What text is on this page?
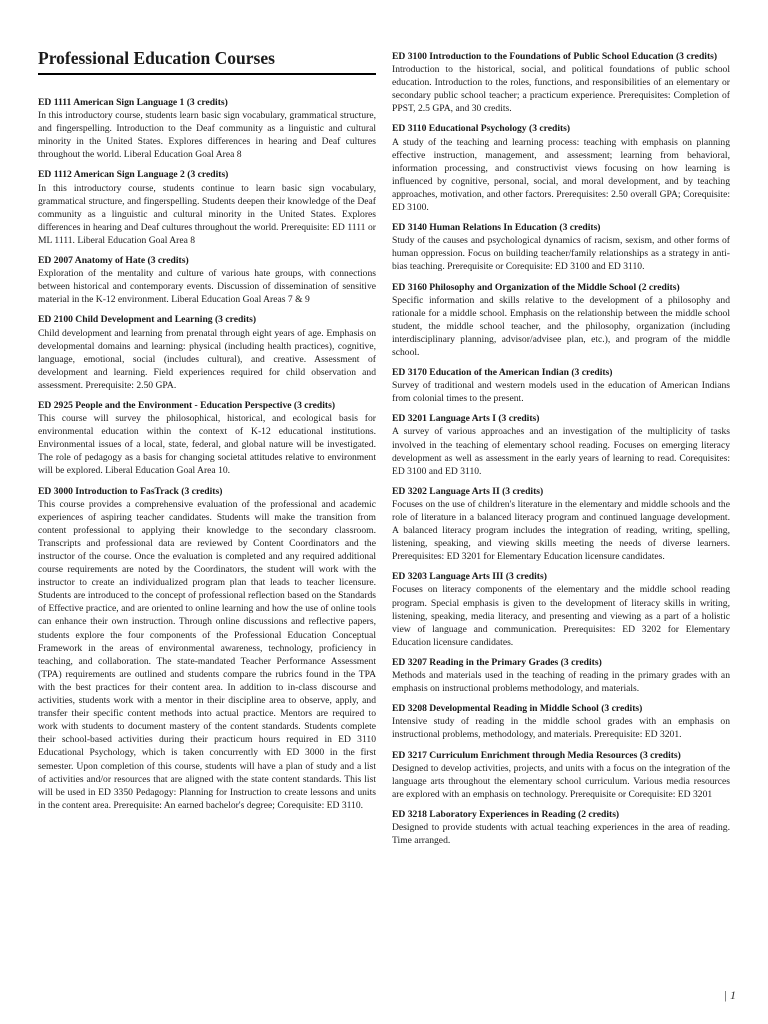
Professional Education Courses

ED 1111 American Sign Language 1 (3 credits)

In this introductory course, students learn basic sign vocabulary, grammatical structure, and fingerspelling. Introduction to the Deaf community as a linguistic and cultural minority in the United States. Explores differences in hearing and Deaf cultures throughout the world. Liberal Education Goal Area 8

ED 1112 American Sign Language 2 (3 credits)

In this introductory course, students continue to learn basic sign vocabulary, grammatical structure, and fingerspelling. Students deepen their knowledge of the Deaf community as a linguistic and cultural minority in the United States. Explores differences in hearing and Deaf cultures throughout the world. Prerequisite: ED 1111 or ML 1111. Liberal Education Goal Area 8

ED 2007 Anatomy of Hate (3 credits)

Exploration of the mentality and culture of various hate groups, with connections between historical and contemporary events. Discussion of dissemination of sensitive material in the K-12 environment. Liberal Education Goal Areas 7 & 9

ED 2100 Child Development and Learning (3 credits)

Child development and learning from prenatal through eight years of age. Emphasis on developmental domains and learning: physical (including health practices), cognitive, language, emotional, social (includes cultural), and creative. Assessment of development and learning. Field experiences required for child observation and assessment. Prerequisite: 2.50 GPA.

ED 2925 People and the Environment - Education Perspective (3 credits)

This course will survey the philosophical, historical, and ecological basis for environmental education within the context of K-12 educational institutions. Environmental issues of a local, state, federal, and global nature will be investigated. The role of pedagogy as a basis for changing societal attitudes relative to environment will be explored. Liberal Education Goal Area 10.

ED 3000 Introduction to FasTrack (3 credits)

This course provides a comprehensive evaluation of the professional and academic experiences of aspiring teacher candidates. Students will make the transition from content professional to applying their knowledge to the secondary classroom. Transcripts and professional data are reviewed by Content Coordinators and the instructor of the course. Once the evaluation is completed and any required additional course requirements are noted by the Coordinators, the student will work with the instructor to create an individualized program plan that leads to teacher licensure. Students are introduced to the concept of professional reflection based on the Standards of Effective practice, and are oriented to online learning and how the use of online tools can enhance their own instruction. Through online discussions and reflective papers, students explore the four components of the Professional Education Conceptual Framework in the areas of environmental awareness, technology, proficiency in teaching, and collaboration. The state-mandated Teacher Performance Assessment (TPA) requirements are outlined and students compare the rubrics found in the TPA with the best practices for their content area. In addition to in-class discourse and activities, students work with a mentor in their discipline area to observe, apply, and transfer their specific content methods into actual practice. Mentors are required to work with students to document mastery of the content standards. Students complete their school-based activities during their practicum hours required in ED 3110 Educational Psychology, which is taken concurrently with ED 3000 in the first semester. Upon completion of this course, students will have a plan of study and a list of activities and/or resources that are aligned with the state content standards. This list will be used in ED 3350 Pedagogy: Planning for Instruction to create lessons and units in the content area. Prerequisite: An earned bachelor's degree; Corequisite: ED 3110.

ED 3100 Introduction to the Foundations of Public School Education (3 credits)

Introduction to the historical, social, and political foundations of public school education. Introduction to the roles, functions, and responsibilities of an elementary or secondary public school teacher; a practicum experience. Prerequisites: Completion of PPST, 2.5 GPA, and 30 credits.

ED 3110 Educational Psychology (3 credits)

A study of the teaching and learning process: teaching with emphasis on planning effective instruction, management, and assessment; learning from behavioral, information processing, and constructivist views focusing on how learning is influenced by cognitive, personal, social, and moral development, and by teaching approaches, motivation, and other factors. Prerequisites: 2.50 overall GPA; Corequisite: ED 3100.

ED 3140 Human Relations In Education (3 credits)

Study of the causes and psychological dynamics of racism, sexism, and other forms of human oppression. Focus on building teacher/family relationships as a strategy in anti-bias teaching. Prerequisite or Corequisite: ED 3100 and ED 3110.

ED 3160 Philosophy and Organization of the Middle School (2 credits)

Specific information and skills relative to the development of a philosophy and rationale for a middle school. Emphasis on the relationship between the middle school student, the middle school teacher, and the philosophy, organization (including interdisciplinary planning, advisor/advisee plan, etc.), and program of the middle school.

ED 3170 Education of the American Indian (3 credits)

Survey of traditional and western models used in the education of American Indians from colonial times to the present.

ED 3201 Language Arts I (3 credits)

A survey of various approaches and an investigation of the multiplicity of tasks involved in the teaching of elementary school reading. Focuses on emerging literacy development as well as assessment in the early years of learning to read. Corequisites: ED 3100 and ED 3110.

ED 3202 Language Arts II (3 credits)

Focuses on the use of children's literature in the elementary and middle schools and the role of literature in a balanced literacy program and continued language development. A balanced literacy program includes the integration of reading, writing, spelling, listening, speaking, and viewing skills meeting the needs of diverse learners. Prerequisites: ED 3201 for Elementary Education licensure candidates.

ED 3203 Language Arts III (3 credits)

Focuses on literacy components of the elementary and the middle school reading program. Special emphasis is given to the development of literacy skills in writing, listening, speaking, media literacy, and presenting and viewing as a part of a holistic view of language and communication. Prerequisites: ED 3202 for Elementary Education licensure candidates.

ED 3207 Reading in the Primary Grades (3 credits)

Methods and materials used in the teaching of reading in the primary grades with an emphasis on instructional problems methodology, and materials.

ED 3208 Developmental Reading in Middle School (3 credits)

Intensive study of reading in the middle school grades with an emphasis on instructional problems, methodology, and materials. Prerequisite: ED 3201.

ED 3217 Curriculum Enrichment through Media Resources (3 credits)

Designed to develop activities, projects, and units with a focus on the integration of the language arts throughout the elementary school curriculum. Various media resources are explored with an emphasis on technology. Prerequisite or Corequisite: ED 3201

ED 3218 Laboratory Experiences in Reading (2 credits)

Designed to provide students with actual teaching experiences in the area of reading. Time arranged.

| 1
